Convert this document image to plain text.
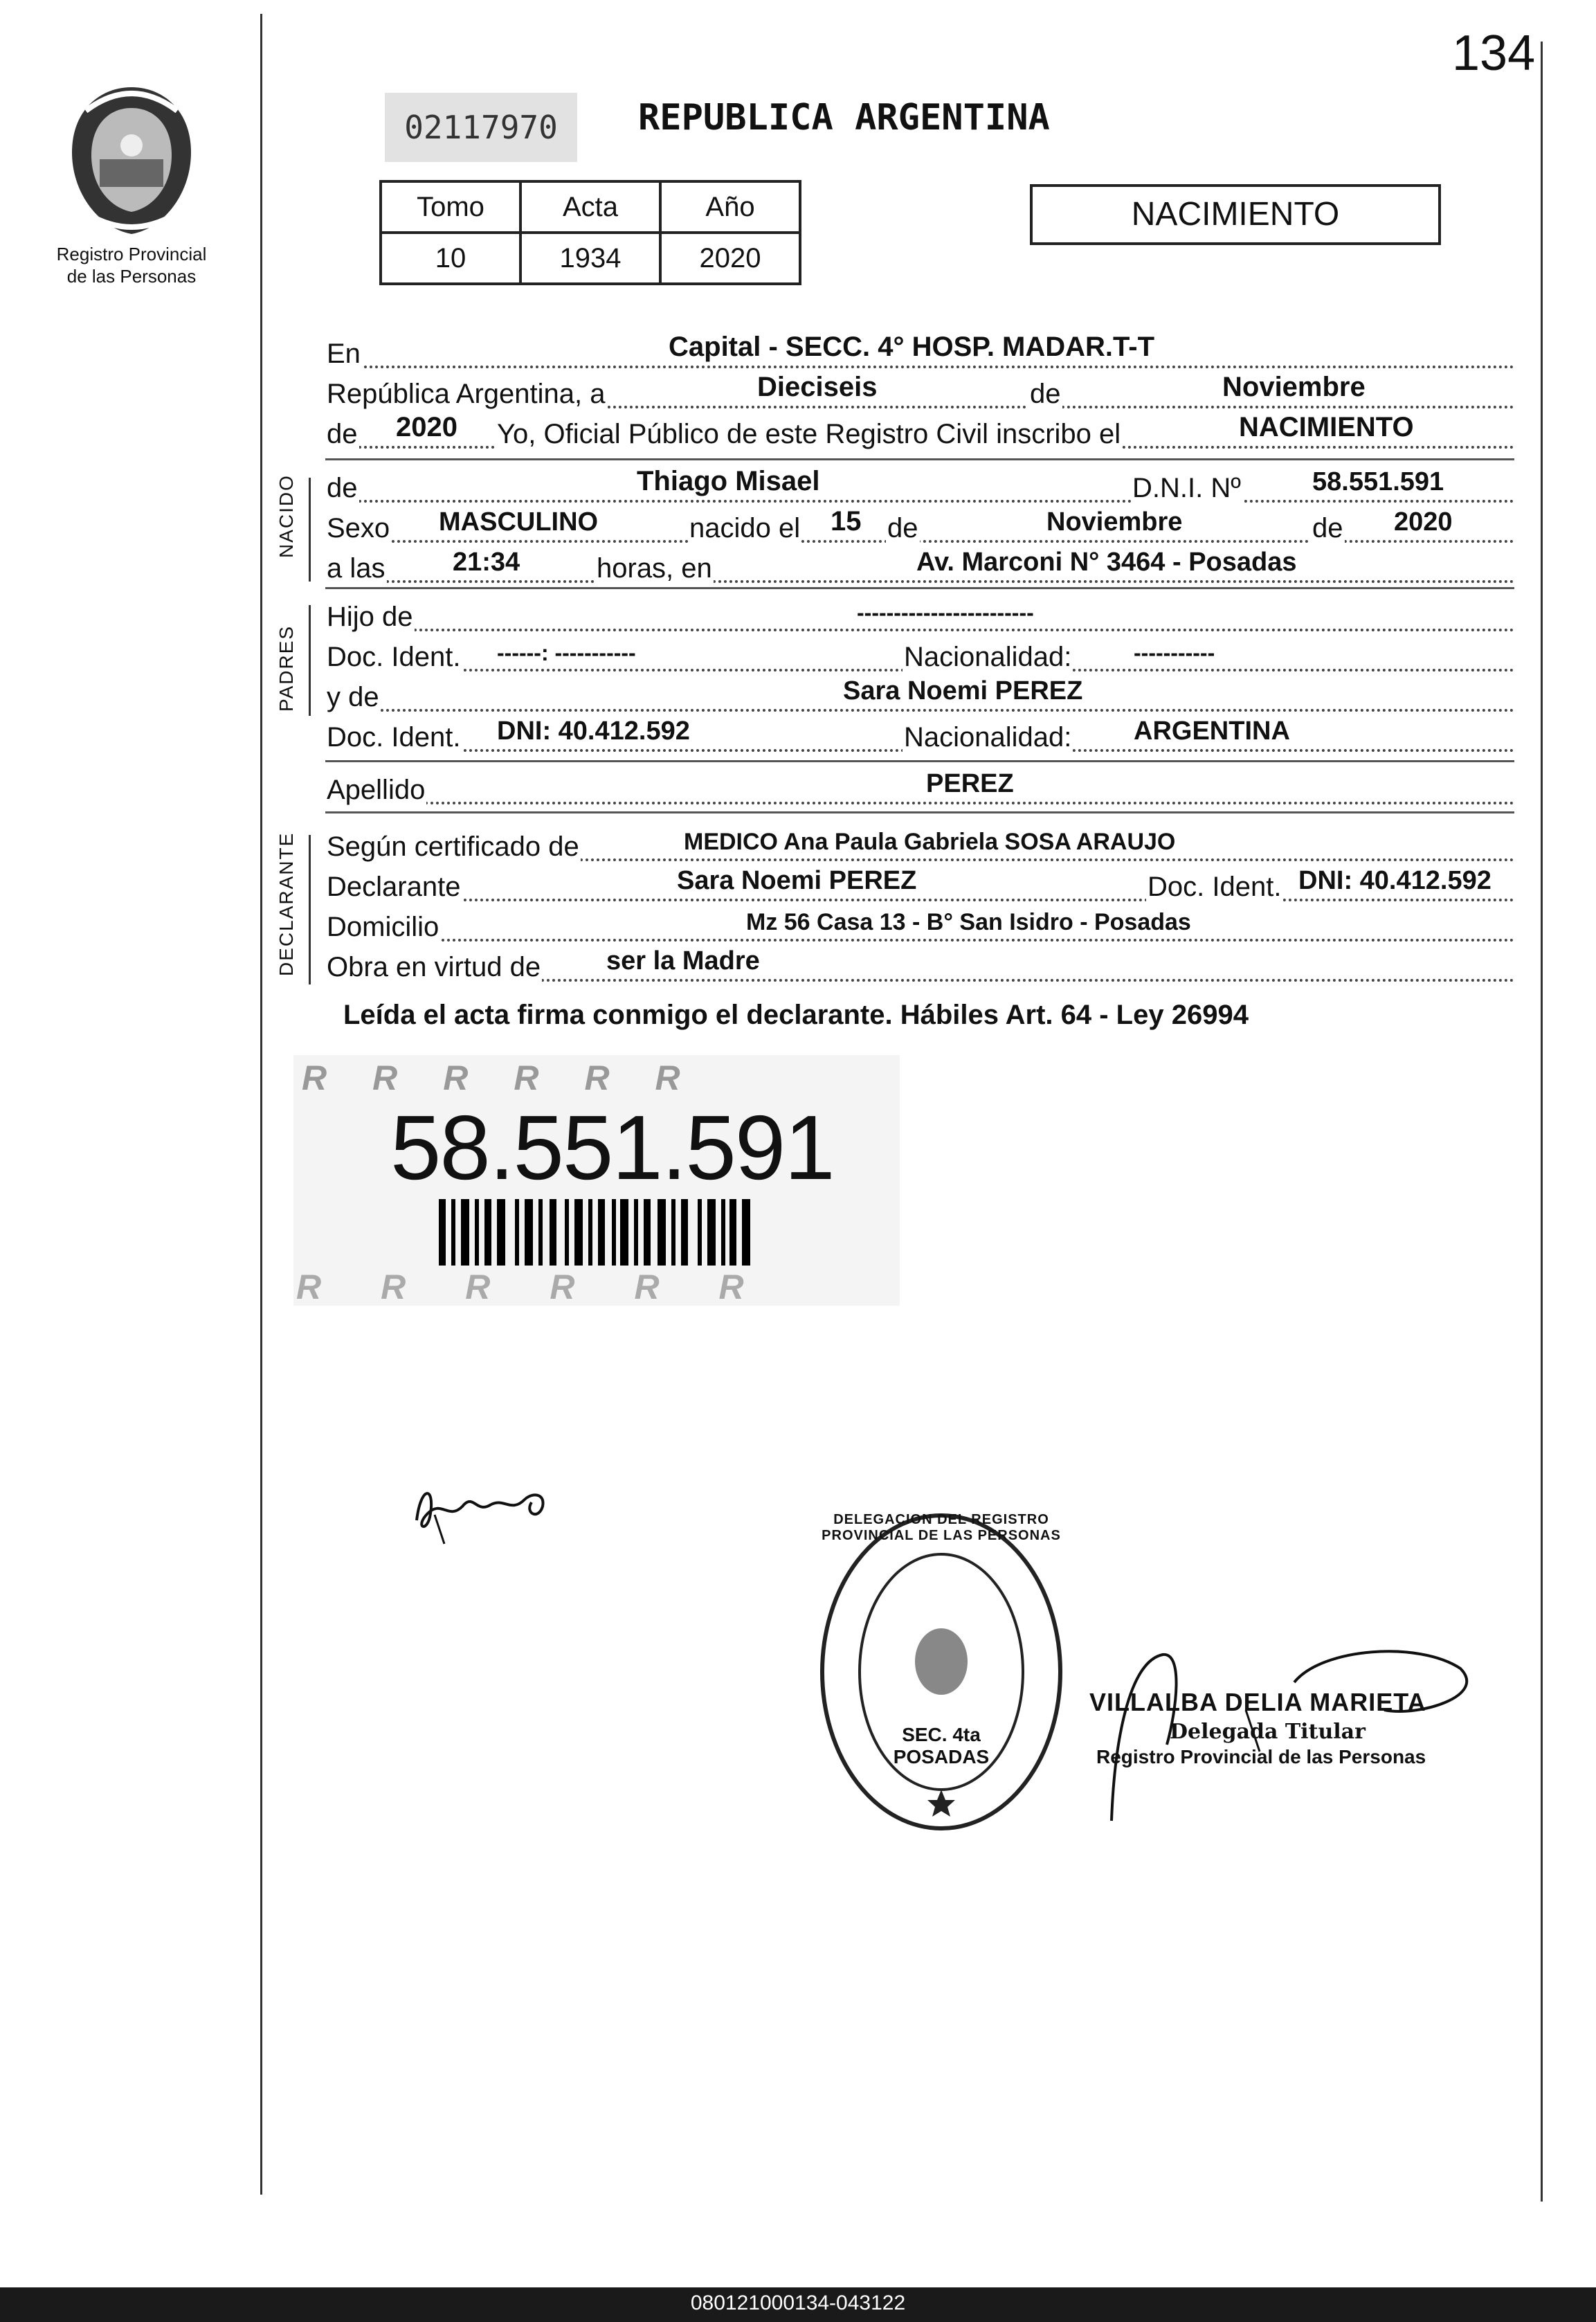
134
Registro Provincial
de las Personas
02117970	REPUBLICA ARGENTINA
Tomo	Acta	Año
10	1934	2020
NACIMIENTO
En	Capital - SECC. 4° HOSP. MADAR.T-T
República Argentina, a	Dieciseis	de	Noviembre
de 2020 Yo, Oficial Público de este Registro Civil inscribo el	NACIMIENTO
NACIDO de	Thiago Misael	D.N.I. Nº	58.551.591
Sexo MASCULINO	nacido el 15 de	Noviembre	de 2020
a las	21:34	horas, en	Av. Marconi N° 3464 - Posadas
PADRES
Hijo de	------------------------
Doc. Ident. ------: -----------	Nacionalidad:	-----------
y de	Sara Noemi PEREZ
Doc. Ident. DNI: 40.412.592	Nacionalidad: ARGENTINA
Apellido	PEREZ
DECLARANTE Según certificado de	MEDICO Ana Paula Gabriela SOSA ARAUJO
Declarante	Sara Noemi PEREZ	Doc. Ident. DNI: 40.412.592
Domicilio	Mz 56 Casa 13 - B° San Isidro - Posadas
Obra en virtud de ser la Madre
Leída el acta firma conmigo el declarante. Hábiles Art. 64 - Ley 26994
R R R R R R
58.551.591
R R R R R R
DELEGACION DEL REGISTRO PROVINCIAL DE LAS PERSONAS
SEC. 4ta POSADAS
VILLALBA DELIA MARIETA
Delegada Titular
Registro Provincial de las Personas
080121000134-043122
